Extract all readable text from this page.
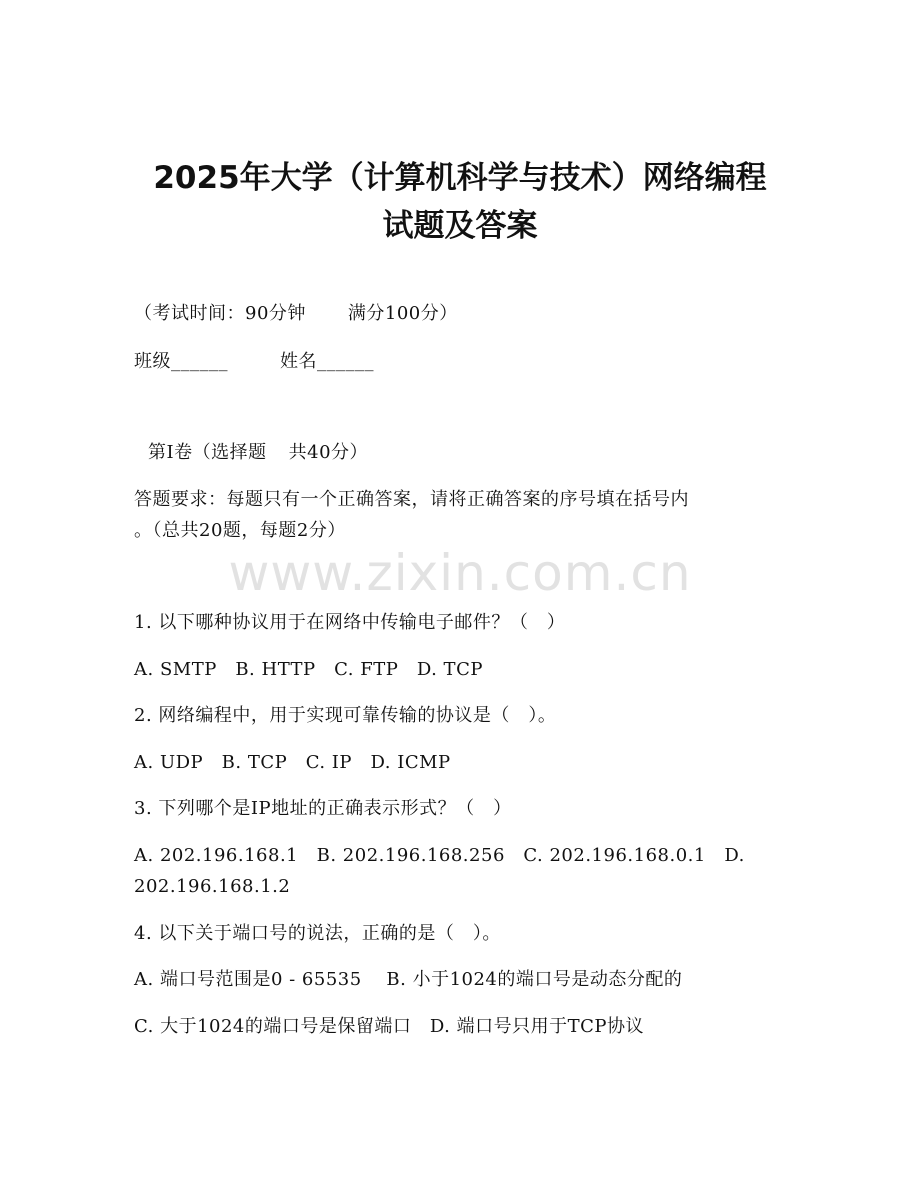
2025年大学（计算机科学与技术）网络编程
试题及答案
（考试时间：90分钟 满分100分）
班级______	姓名______
第I卷（选择题 共40分）
答题要求：每题只有一个正确答案，请将正确答案的序号填在括号内
。（总共20题，每题2分）
www.zixin.com.cn
1. 以下哪种协议用于在网络中传输电子邮件？（　）
A. SMTP　B. HTTP　C. FTP　D. TCP
2. 网络编程中，用于实现可靠传输的协议是（　）。
A. UDP　B. TCP　C. IP　D. ICMP
3. 下列哪个是IP地址的正确表示形式？（　）
A. 202.196.168.1　B. 202.196.168.256　C. 202.196.168.0.1　D.
202.196.168.1.2
4. 以下关于端口号的说法，正确的是（　）。
A. 端口号范围是0 - 65535　 B. 小于1024的端口号是动态分配的
C. 大于1024的端口号是保留端口　D. 端口号只用于TCP协议
